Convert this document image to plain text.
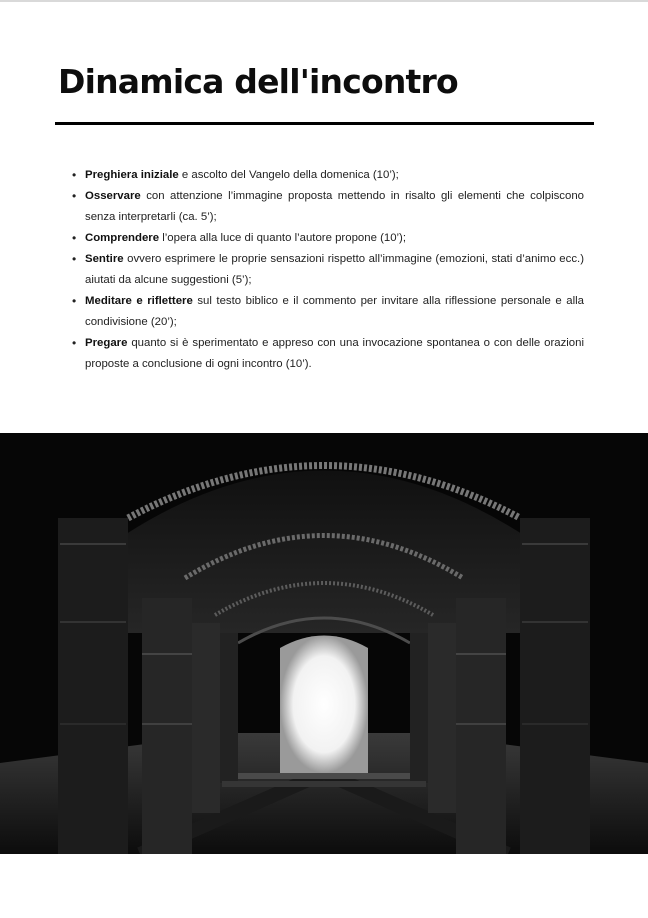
Dinamica dell'incontro
• Preghiera iniziale e ascolto del Vangelo della domenica (10’);
• Osservare con attenzione l’immagine proposta mettendo in risalto gli elementi che colpiscono senza interpretarli (ca. 5’);
• Comprendere l’opera alla luce di quanto l’autore propone (10’);
• Sentire ovvero esprimere le proprie sensazioni rispetto all’immagine (emozioni, stati d’animo ecc.) aiutati da alcune suggestioni (5’);
• Meditare e riflettere sul testo biblico e il commento per invitare alla riflessione personale e alla condivisione (20’);
• Pregare quanto si è sperimentato e appreso con una invocazione spontanea o con delle orazioni proposte a conclusione di ogni incontro (10’).
